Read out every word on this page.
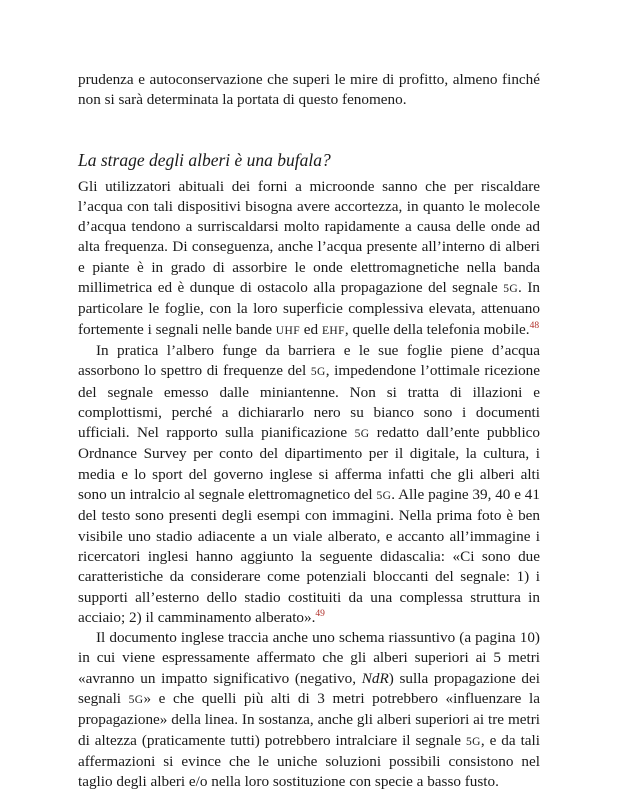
prudenza e autoconservazione che superi le mire di profitto, almeno finché non si sarà determinata la portata di questo fenomeno.

La strage degli alberi è una bufala?

Gli utilizzatori abituali dei forni a microonde sanno che per riscaldare l’acqua con tali dispositivi bisogna avere accortezza, in quanto le molecole d’acqua tendono a surriscaldarsi molto rapidamente a causa delle onde ad alta frequenza. Di conseguenza, anche l’acqua presente all’interno di alberi e piante è in grado di assorbire le onde elettromagnetiche nella banda millimetrica ed è dunque di ostacolo alla propagazione del segnale 5G. In particolare le foglie, con la loro superficie complessiva elevata, attenuano fortemente i segnali nelle bande UHF ed EHF, quelle della telefonia mobile.$^{48}$

In pratica l’albero funge da barriera e le sue foglie piene d’acqua assorbono lo spettro di frequenze del 5G, impedendone l’ottimale ricezione del segnale emesso dalle miniantenne. Non si tratta di illazioni e complottismi, perché a dichiararlo nero su bianco sono i documenti ufficiali. Nel rapporto sulla pianificazione 5G redatto dall’ente pubblico Ordnance Survey per conto del dipartimento per il digitale, la cultura, i media e lo sport del governo inglese si afferma infatti che gli alberi alti sono un intralcio al segnale elettromagnetico del 5G. Alle pagine 39, 40 e 41 del testo sono presenti degli esempi con immagini. Nella prima foto è ben visibile uno stadio adiacente a un viale alberato, e accanto all’immagine i ricercatori inglesi hanno aggiunto la seguente didascalia: «Ci sono due caratteristiche da considerare come potenziali bloccanti del segnale: 1) i supporti all’esterno dello stadio costituiti da una complessa struttura in acciaio; 2) il camminamento alberato».$^{49}$

Il documento inglese traccia anche uno schema riassuntivo (a pagina 10) in cui viene espressamente affermato che gli alberi superiori ai 5 metri «avranno un impatto significativo (negativo, NdR) sulla propagazione dei segnali 5G» e che quelli più alti di 3 metri potrebbero «influenzare la propagazione» della linea. In sostanza, anche gli alberi superiori ai tre metri di altezza (praticamente tutti) potrebbero intralciare il segnale 5G, e da tali affermazioni si evince che le uniche soluzioni possibili consistono nel taglio degli alberi e/o nella loro sostituzione con specie a basso fusto.
